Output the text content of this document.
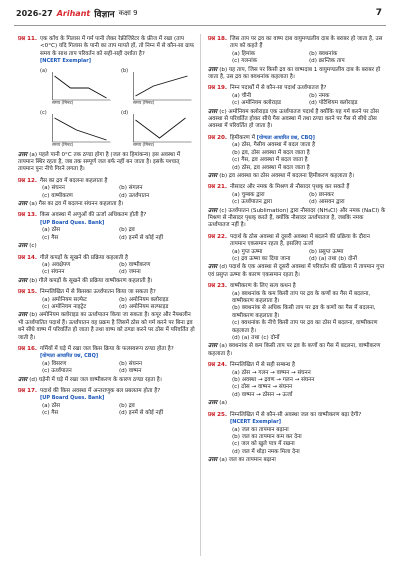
2026-27 Arihant विज्ञान कक्षा 9	7
प्रश्न 11. एक काँच के गिलास में गर्म पानी लेकर रेफ्रीजिरेटर के फ्रीज में रखा (ताप <0°C) यदि गिलास के पानी का ताप मापते हों, तो निम्न में से कौन-सा ग्राफ समय के साथ ताप परिवर्तन को सही-सही दर्शाता है? [NCERT Exemplar]
(a)
समय (मिनट)
(b)
समय (मिनट)
(c)
समय (मिनट)
(d)
समय (मिनट)
उत्तर (a) पहले पानी 0°C तक ठण्डा होगा है (जल का हिमांकन्य) इस अवस्था में तापमान स्थिर रहता है, जब तक सम्पूर्ण जल बर्फ नहीं बन जाता है। इसके पश्चात् तापमान पुनः नीचे गिरने लगता है।
प्रश्न 12. गैस का द्रव में बदलना कहलाता है
(a) संघनन	(b) संगलन
(c) वाष्पीकरण	(d) ऊर्ध्वपातन
उत्तर (a) गैस का द्रव में बदलना संघनन कहलाता है।
प्रश्न 13. किस अवस्था में अणुओं की ऊर्जा अधिकतम होती है? [UP Board Ques. Bank]
(a) ठोस	(b) द्रव
(c) गैस	(d) इनमें से कोई नहीं
उत्तर (c)
प्रश्न 14. गीले कपड़ों के सूखने की प्रक्रिया कहलाती है
(a) अवक्षेपण	(b) वाष्पीकरण
(c) संघनन	(d) जमना
उत्तर (b) गीले कपड़ों के सूखने की प्रक्रिया वाष्पीकरण कहलाती है।
प्रश्न 15. निम्नलिखित में से किसका ऊर्ध्वपातन किया जा सकता है?
(a) अमोनियम सल्फेट	(b) अमोनियम क्लोराइड
(c) अमोनियम नाइट्रेट	(d) अमोनियम सल्फाइड
उत्तर (b) अमोनियम क्लोराइड का ऊर्ध्वपातन किया जा सकता है। कपूर और नैफ्थलीन भी ऊर्ध्वपातित पदार्थ हैं। ऊर्ध्वपातन वह प्रक्रम है जिसमें ठोस को गर्म करने पर बिना द्रव बने सीधे वाष्प में परिवर्तित हो जाता है तथा वाष्प को ठण्डा करने पर ठोस में परिवर्तित हो जाती है।
प्रश्न 16. गर्मियों में घड़े में रखा जल किस क्रिया के फलस्वरूप ठण्डा होता है? [योग्यता आधारित प्रश्न, CBQ]
(a) विसरण	(b) संघनन
(c) ऊर्ध्वपातन	(d) वाष्पन
उत्तर (d) घड़ेनी में घड़े में रखा जल वाष्पीकरण के कारण ठण्डा रहता है।
प्रश्न 17. पदार्थ की किस अवस्था में अन्तराणुक बल प्रबलतम होता है? [UP Board Ques. Bank]
(a) ठोस	(b) द्रव
(c) गैस	(d) इनमें से कोई नहीं
प्रश्न 18. जिस ताप पर द्रव का वाष्प दाब वायुमण्डलीय दाब के बराबर हो जाता है, उस ताप को कहते हैं
(a) हिमांक	(b) क्वथनांक
(c) गलनांक	(d) क्रान्तिक ताप
उत्तर (b) यह ताप, जिस पर किसी द्रव का वाष्पदाब 1 वायुमण्डलीय दाब के बराबर हो जाता है, उस द्रव का क्वथनांक कहलाता है।
प्रश्न 19. निम्न पदार्थों में से कौन-सा पदार्थ ऊर्ध्वपातज है?
(a) चीनी	(b) नमक
(c) अमोनियम क्लोराइड	(d) पोटैशियम क्लोराइड
उत्तर (c) अमोनियम क्लोराइड एक ऊर्ध्वपातज पदार्थ है क्योंकि यह गर्म करने पर ठोस अवस्था से परिवर्तित होकर सीधे गैस अवस्था में तथा ठण्डा करने पर गैस से सीधे ठोस अवस्था में परिवर्तित हो जाता है।
प्रश्न 20. हिमीकरण में [योग्यता आधारित प्रश्न, CBQ]
(a) ठोस, गैसीय अवस्था में बदल जाता है
(b) द्रव, ठोस अवस्था में बदल जाता है
(c) गैस, द्रव अवस्था में बदल जाता है
(d) ठोस, द्रव अवस्था में बदल जाता है
उत्तर (b) द्रव अवस्था का ठोस अवस्था में बदलना हिमीकरण कहलाता है।
प्रश्न 21. नौसादर और नमक के मिश्रण से नौसादर पृथक् कर सकते हैं
(a) चुम्बक द्वारा	(b) छानकर
(c) ऊर्ध्वपातन द्वारा	(d) आसवन द्वारा
उत्तर (c) ऊर्ध्वपातन (Sublimation) द्वारा नौसादर (NH₄Cl) और नमक (NaCl) के मिश्रण से नौसादर पृथक् करते हैं, क्योंकि नौसादर ऊर्ध्वपातज है, जबकि नमक ऊर्ध्वपातज नहीं है।
प्रश्न 22. पदार्थ के ठोस अवस्था से दूसरी अवस्था में बदलने की प्रक्रिया के दौरान तापमान एकसमान रहता है, इसलिए ऊर्जा
(a) गुप्त ऊष्मा	(b) प्रसुप्त ऊष्मा
(c) द्रव ऊष्मा का दिया जाना	(d) (a) तथा (b) दोनों
उत्तर (d) पदार्थ के एक अवस्था से दूसरी अवस्था में परिवर्तन की प्रक्रिया में तापमान गुप्त एवं प्रसुप्त ऊष्मा के कारण एकसमान रहता है।
प्रश्न 23. वाष्पीकरण के लिए सत्य कथन है
(a) क्वथनांक के कम किसी ताप पर द्रव के कणों का गैस में बदलना, वाष्पीकरण कहलाता है।
(b) क्वथनांक से अधिक किसी ताप पर द्रव के कणों का गैस में बदलना, वाष्पीकरण कहलाता है।
(c) क्वथनांक के नीचे किसी ताप पर द्रव का ठोस में बदलना, वाष्पीकरण कहलाता है।
(d) (a) तथा (c) दोनों
उत्तर (a) क्वथनांक से कम किसी ताप पर द्रव के कणों का गैस में बदलना, वाष्पीकरण कहलाता है।
प्रश्न 24. निम्नलिखित में से सही सम्बन्ध है
(a) ठोस → गलन → वाष्पन → संघनन
(b) अवस्था → द्रवण → गलन → संघनन
(c) ठोस → वाष्पन → संघनन
(d) वाष्पन → ठोसन → ऊर्जा
उत्तर (a)
प्रश्न 25. निम्नलिखित में से कौन-सी अवस्था जल का वाष्पीकरण बढ़ा देगी? [NCERT Exemplar]
(a) जल का तापमान बढ़ाना
(b) जल का तापमान कम कर देना
(c) जल को खुले पात्र में रखना
(d) जल में थोड़ा नमक मिला देना
उत्तर (a) जल का तापमान बढ़ाना
